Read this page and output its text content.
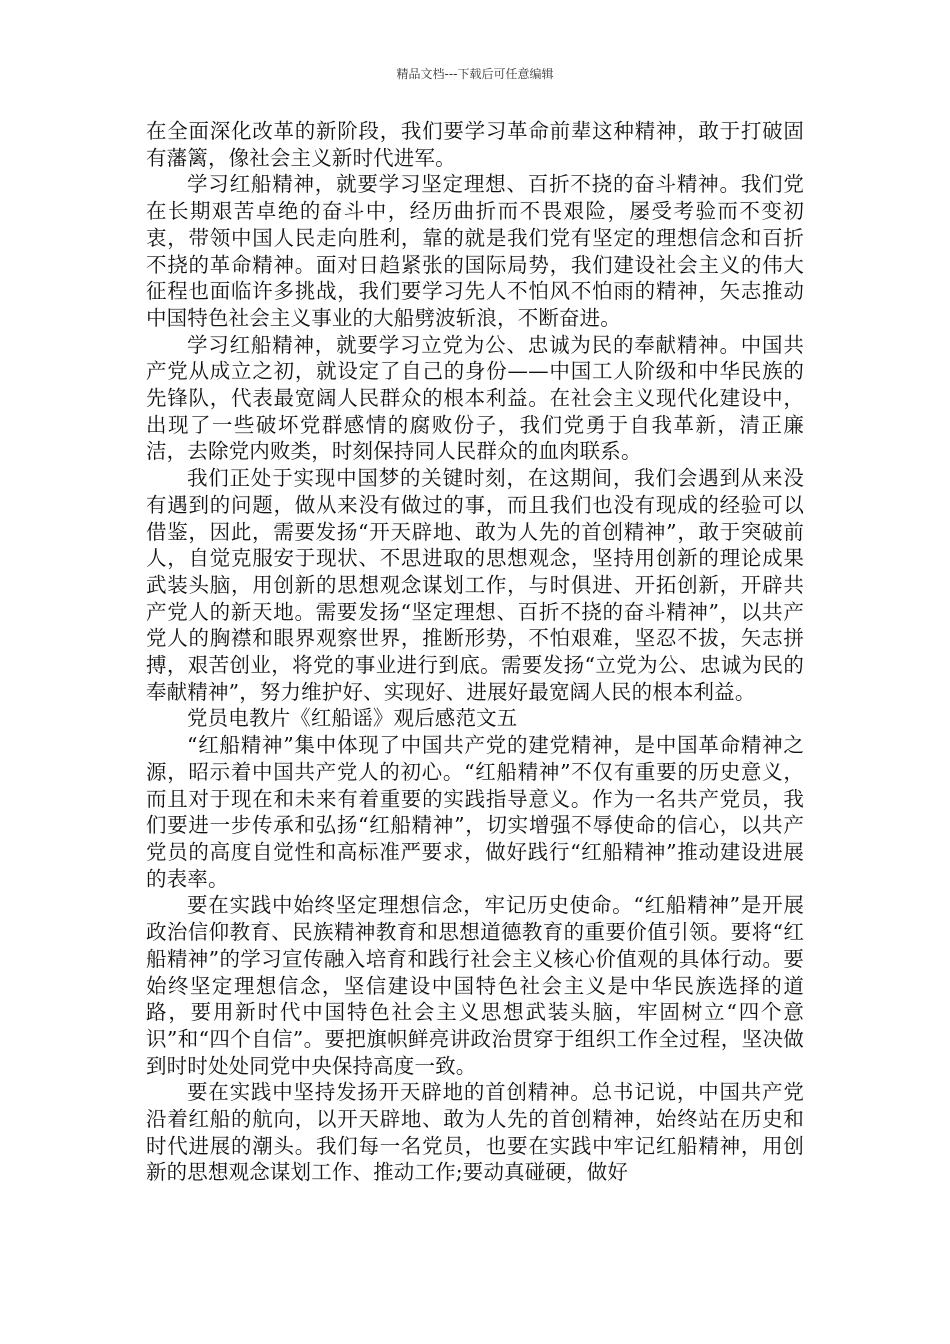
精品文档---下载后可任意编辑

在全面深化改革的新阶段，我们要学习革命前辈这种精神，敢于打破固有藩篱，像社会主义新时代进军。

学习红船精神，就要学习坚定理想、百折不挠的奋斗精神。我们党在长期艰苦卓绝的奋斗中，经历曲折而不畏艰险，屡受考验而不变初衷，带领中国人民走向胜利，靠的就是我们党有坚定的理想信念和百折不挠的革命精神。面对日趋紧张的国际局势，我们建设社会主义的伟大征程也面临许多挑战，我们要学习先人不怕风不怕雨的精神，矢志推动中国特色社会主义事业的大船劈波斩浪，不断奋进。

学习红船精神，就要学习立党为公、忠诚为民的奉献精神。中国共产党从成立之初，就设定了自己的身份——中国工人阶级和中华民族的先锋队，代表最宽阔人民群众的根本利益。在社会主义现代化建设中，出现了一些破坏党群感情的腐败份子，我们党勇于自我革新，清正廉洁，去除党内败类，时刻保持同人民群众的血肉联系。

我们正处于实现中国梦的关键时刻，在这期间，我们会遇到从来没有遇到的问题，做从来没有做过的事，而且我们也没有现成的经验可以借鉴，因此，需要发扬“开天辟地、敢为人先的首创精神”，敢于突破前人，自觉克服安于现状、不思进取的思想观念，坚持用创新的理论成果武装头脑，用创新的思想观念谋划工作，与时俱进、开拓创新，开辟共产党人的新天地。需要发扬“坚定理想、百折不挠的奋斗精神”，以共产党人的胸襟和眼界观察世界，推断形势，不怕艰难，坚忍不拔，矢志拼搏，艰苦创业，将党的事业进行到底。需要发扬“立党为公、忠诚为民的奉献精神”，努力维护好、实现好、进展好最宽阔人民的根本利益。

党员电教片《红船谣》观后感范文五

“红船精神”集中体现了中国共产党的建党精神，是中国革命精神之源，昭示着中国共产党人的初心。“红船精神”不仅有重要的历史意义，而且对于现在和未来有着重要的实践指导意义。作为一名共产党员，我们要进一步传承和弘扬“红船精神”，切实增强不辱使命的信心，以共产党员的高度自觉性和高标准严要求，做好践行“红船精神”推动建设进展的表率。

要在实践中始终坚定理想信念，牢记历史使命。“红船精神”是开展政治信仰教育、民族精神教育和思想道德教育的重要价值引领。要将“红船精神”的学习宣传融入培育和践行社会主义核心价值观的具体行动。要始终坚定理想信念，坚信建设中国特色社会主义是中华民族选择的道路，要用新时代中国特色社会主义思想武装头脑，牢固树立“四个意识”和“四个自信”。要把旗帜鲜亮讲政治贯穿于组织工作全过程，坚决做到时时处处同党中央保持高度一致。

要在实践中坚持发扬开天辟地的首创精神。总书记说，中国共产党沿着红船的航向，以开天辟地、敢为人先的首创精神，始终站在历史和时代进展的潮头。我们每一名党员，也要在实践中牢记红船精神，用创新的思想观念谋划工作、推动工作;要动真碰硬，做好
